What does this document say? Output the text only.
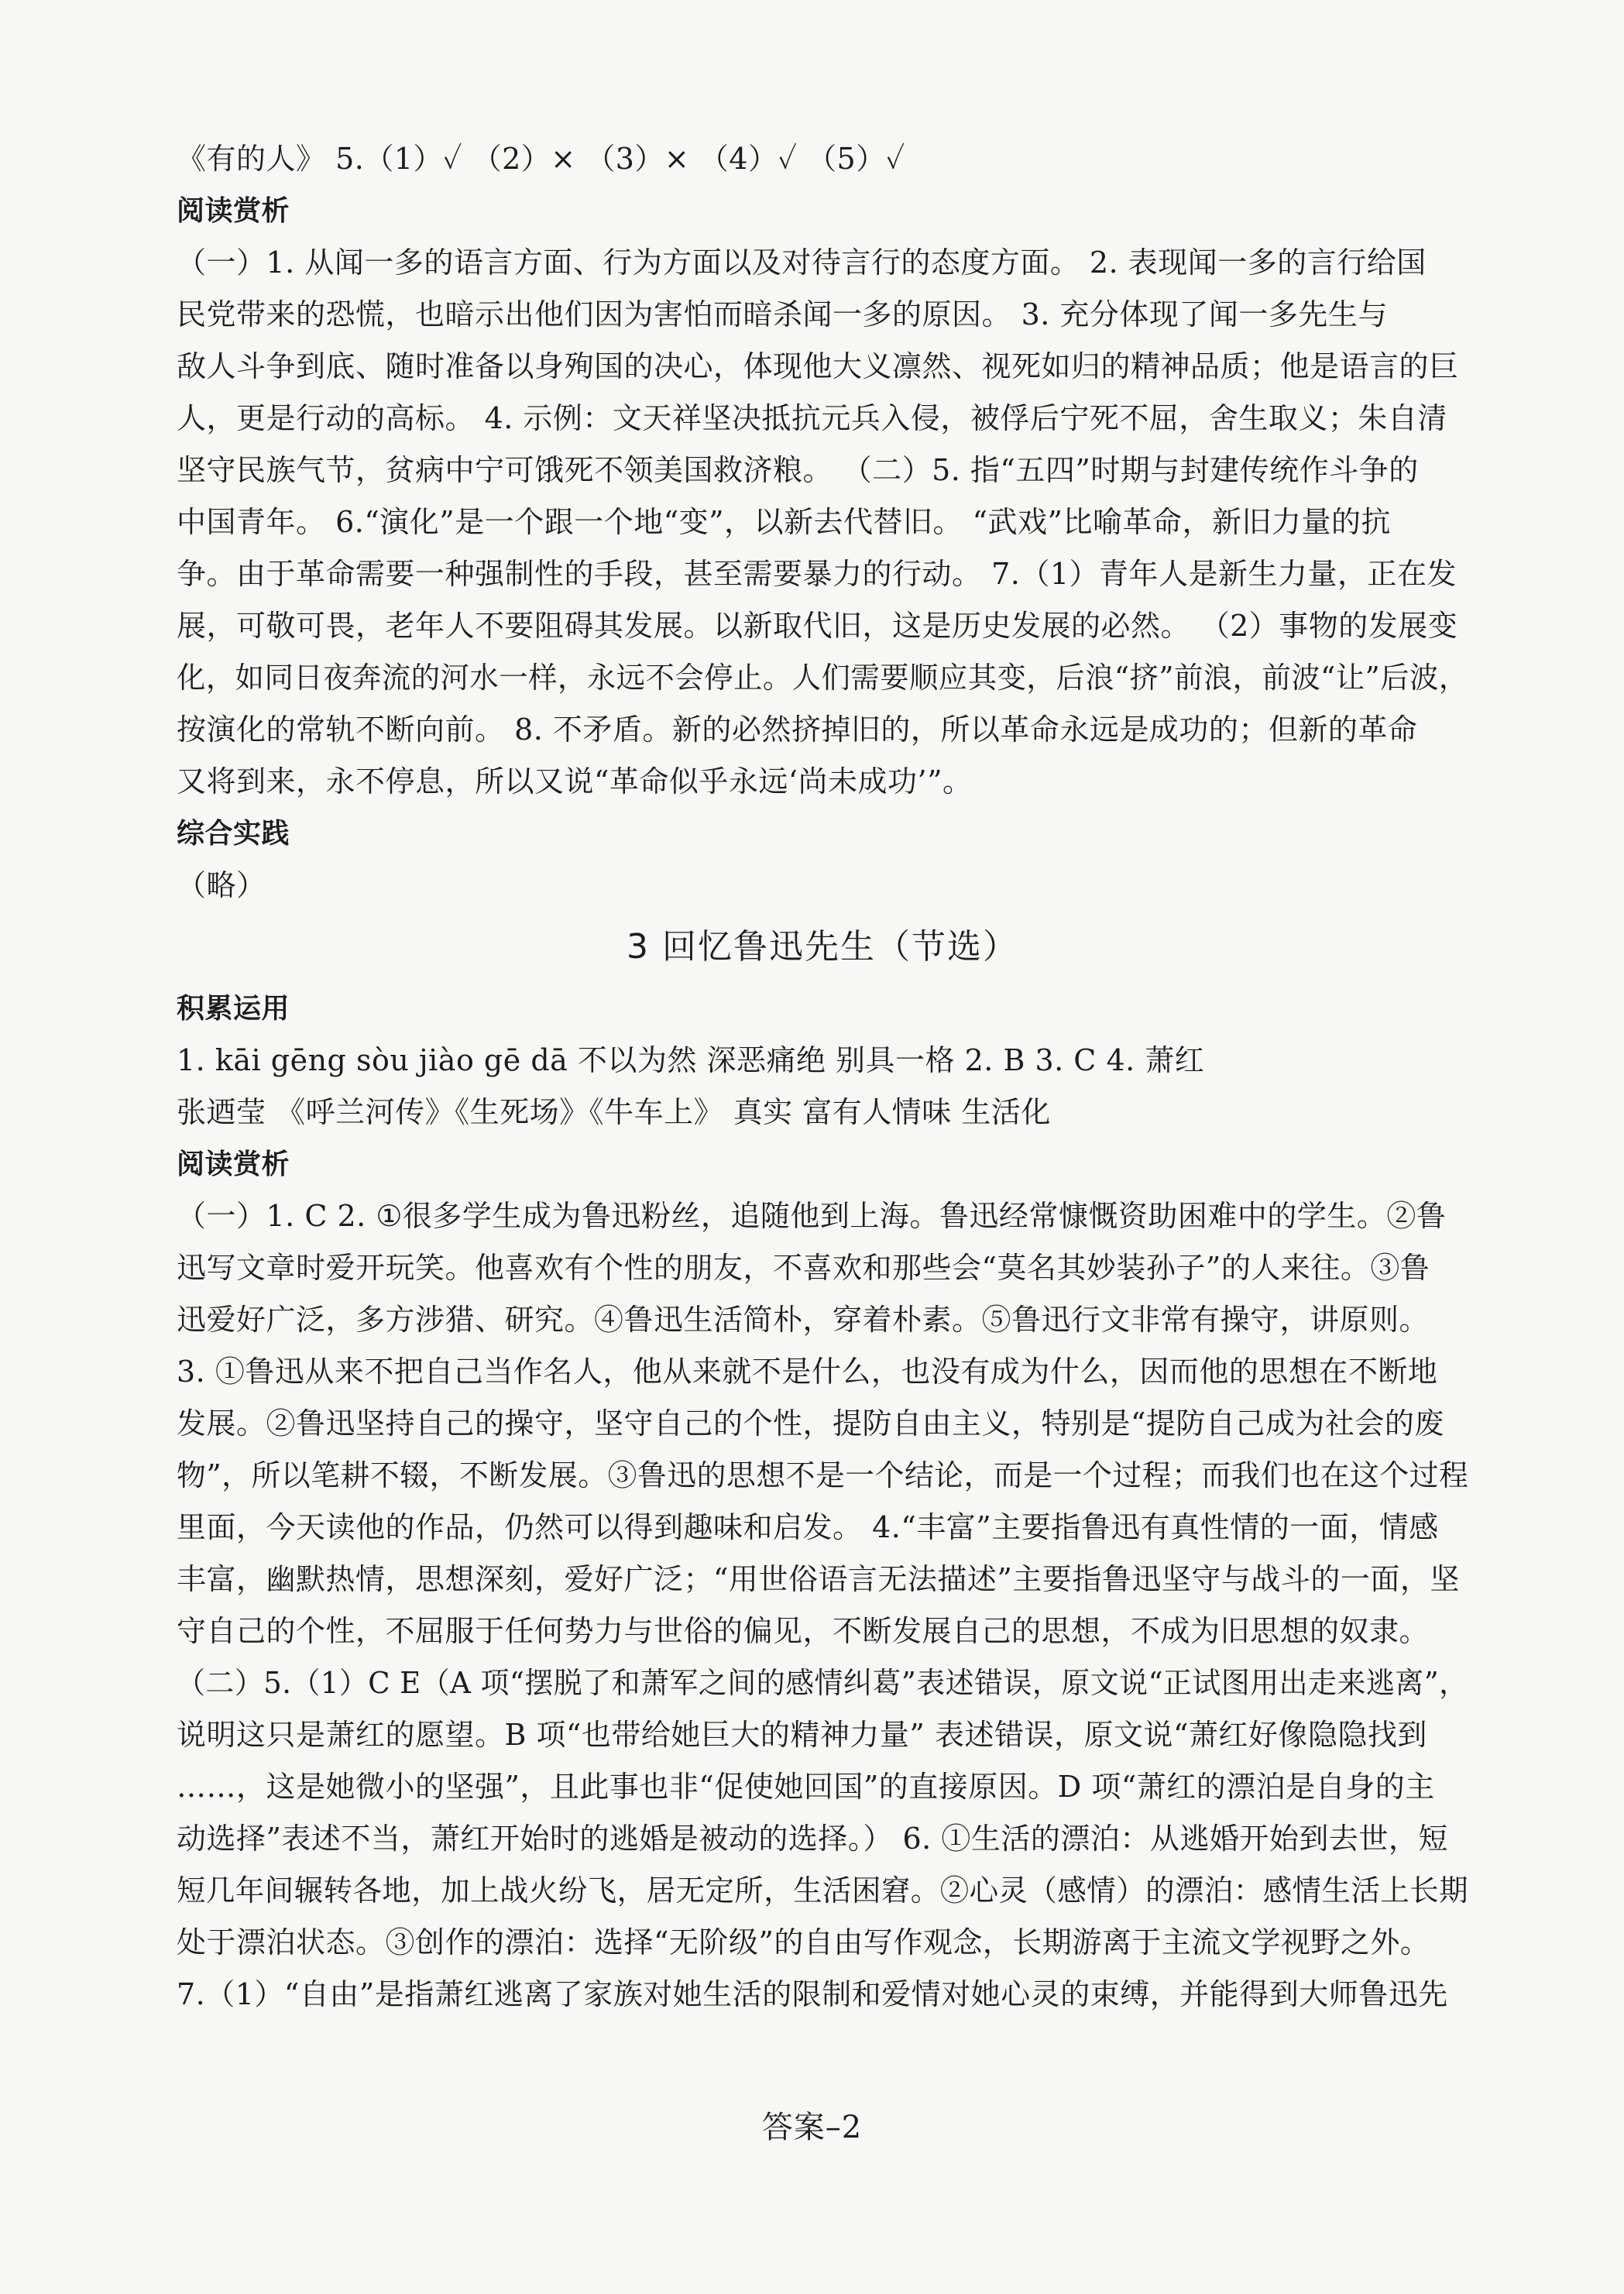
《有的人》 5.（1）✓ （2）× （3）× （4）✓ （5）✓
阅读赏析
（一）1. 从闻一多的语言方面、行为方面以及对待言行的态度方面。 2. 表现闻一多的言行给国
民党带来的恐慌，也暗示出他们因为害怕而暗杀闻一多的原因。 3. 充分体现了闻一多先生与
敌人斗争到底、随时准备以身殉国的决心，体现他大义凛然、视死如归的精神品质；他是语言的巨
人，更是行动的高标。 4. 示例：文天祥坚决抵抗元兵入侵，被俘后宁死不屈，舍生取义；朱自清
坚守民族气节，贫病中宁可饿死不领美国救济粮。 （二）5. 指“五四”时期与封建传统作斗争的
中国青年。 6.“演化”是一个跟一个地“变”，以新去代替旧。 “武戏”比喻革命，新旧力量的抗
争。由于革命需要一种强制性的手段，甚至需要暴力的行动。 7.（1）青年人是新生力量，正在发
展，可敬可畏，老年人不要阻碍其发展。以新取代旧，这是历史发展的必然。 （2）事物的发展变
化，如同日夜奔流的河水一样，永远不会停止。人们需要顺应其变，后浪“挤”前浪，前波“让”后波，
按演化的常轨不断向前。 8. 不矛盾。新的必然挤掉旧的，所以革命永远是成功的；但新的革命
又将到来，永不停息，所以又说“革命似乎永远‘尚未成功’”。
综合实践
（略）
3 回忆鲁迅先生（节选）
积累运用
1. kāi gēng sòu jiào gē dā 不以为然 深恶痛绝 别具一格 2. B 3. C 4. 萧红
张迺莹 《呼兰河传》《生死场》《牛车上》 真实 富有人情味 生活化
阅读赏析
（一）1. C 2. ①很多学生成为鲁迅粉丝，追随他到上海。鲁迅经常慷慨资助困难中的学生。②鲁
迅写文章时爱开玩笑。他喜欢有个性的朋友，不喜欢和那些会“莫名其妙装孙子”的人来往。③鲁
迅爱好广泛，多方涉猎、研究。④鲁迅生活简朴，穿着朴素。⑤鲁迅行文非常有操守，讲原则。
3. ①鲁迅从来不把自己当作名人，他从来就不是什么，也没有成为什么，因而他的思想在不断地
发展。②鲁迅坚持自己的操守，坚守自己的个性，提防自由主义，特别是“提防自己成为社会的废
物”，所以笔耕不辍，不断发展。③鲁迅的思想不是一个结论，而是一个过程；而我们也在这个过程
里面，今天读他的作品，仍然可以得到趣味和启发。 4.“丰富”主要指鲁迅有真性情的一面，情感
丰富，幽默热情，思想深刻，爱好广泛；“用世俗语言无法描述”主要指鲁迅坚守与战斗的一面，坚
守自己的个性，不屈服于任何势力与世俗的偏见，不断发展自己的思想，不成为旧思想的奴隶。
（二）5.（1）C E（A 项“摆脱了和萧军之间的感情纠葛”表述错误，原文说“正试图用出走来逃离”，
说明这只是萧红的愿望。B 项“也带给她巨大的精神力量” 表述错误，原文说“萧红好像隐隐找到
……，这是她微小的坚强”，且此事也非“促使她回国”的直接原因。D 项“萧红的漂泊是自身的主
动选择”表述不当，萧红开始时的逃婚是被动的选择。） 6. ①生活的漂泊：从逃婚开始到去世，短
短几年间辗转各地，加上战火纷飞，居无定所，生活困窘。②心灵（感情）的漂泊：感情生活上长期
处于漂泊状态。③创作的漂泊：选择“无阶级”的自由写作观念，长期游离于主流文学视野之外。
7.（1）“自由”是指萧红逃离了家族对她生活的限制和爱情对她心灵的束缚，并能得到大师鲁迅先
答案–2
